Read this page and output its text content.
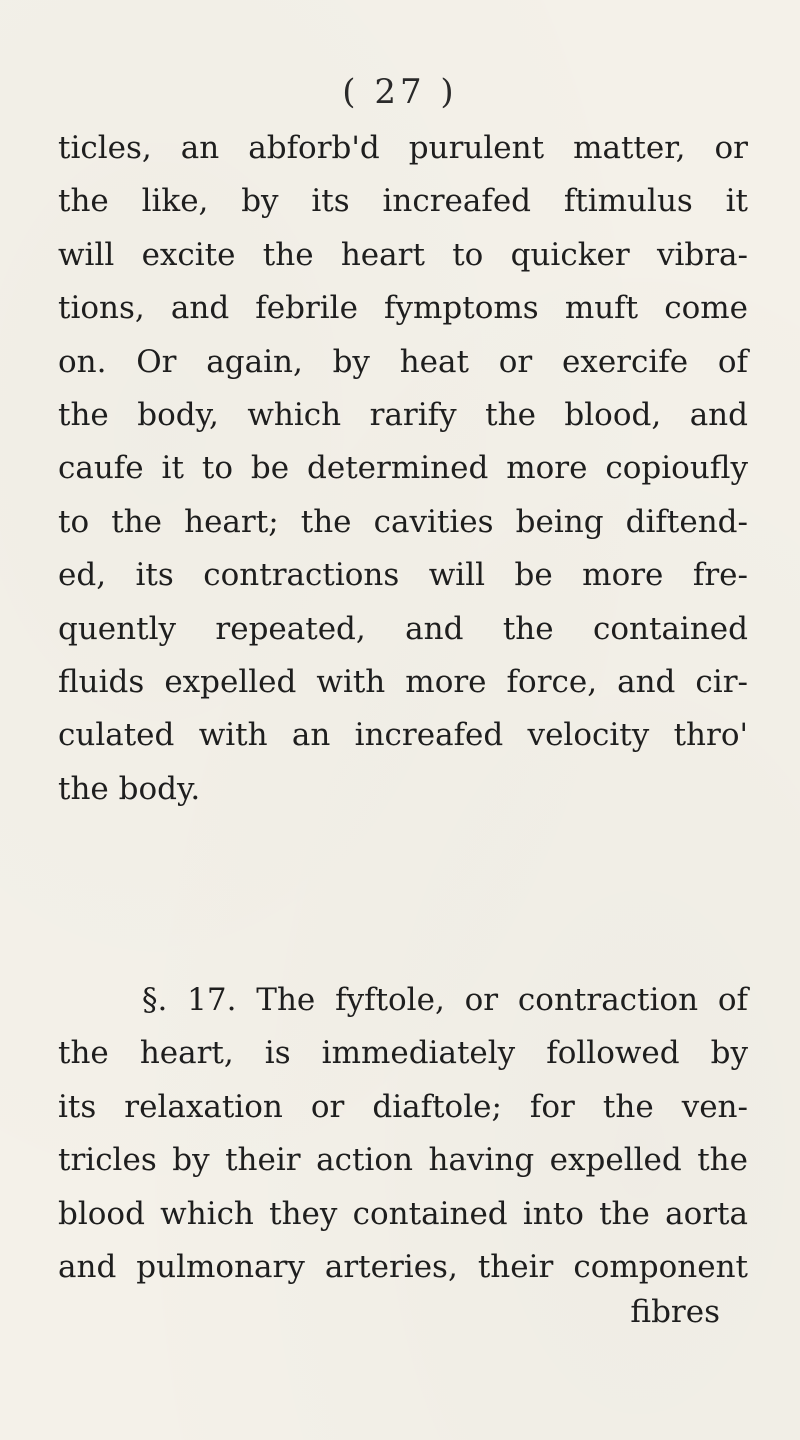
( 27 )
ticles, an abforb'd purulent matter, or
the like, by its increafed ftimulus it
will excite the heart to quicker vibra-
tions, and febrile fymptoms muft come
on. Or again, by heat or exercife of
the body, which rarify the blood, and
caufe it to be determined more copioufly
to the heart; the cavities being diftend-
ed, its contractions will be more fre-
quently repeated, and the contained
fluids expelled with more force, and cir-
culated with an increafed velocity thro'
the body.
§. 17. The fyftole, or contraction of
the heart, is immediately followed by
its relaxation or diaftole; for the ven-
tricles by their action having expelled the
blood which they contained into the aorta
and pulmonary arteries, their component
fibres
